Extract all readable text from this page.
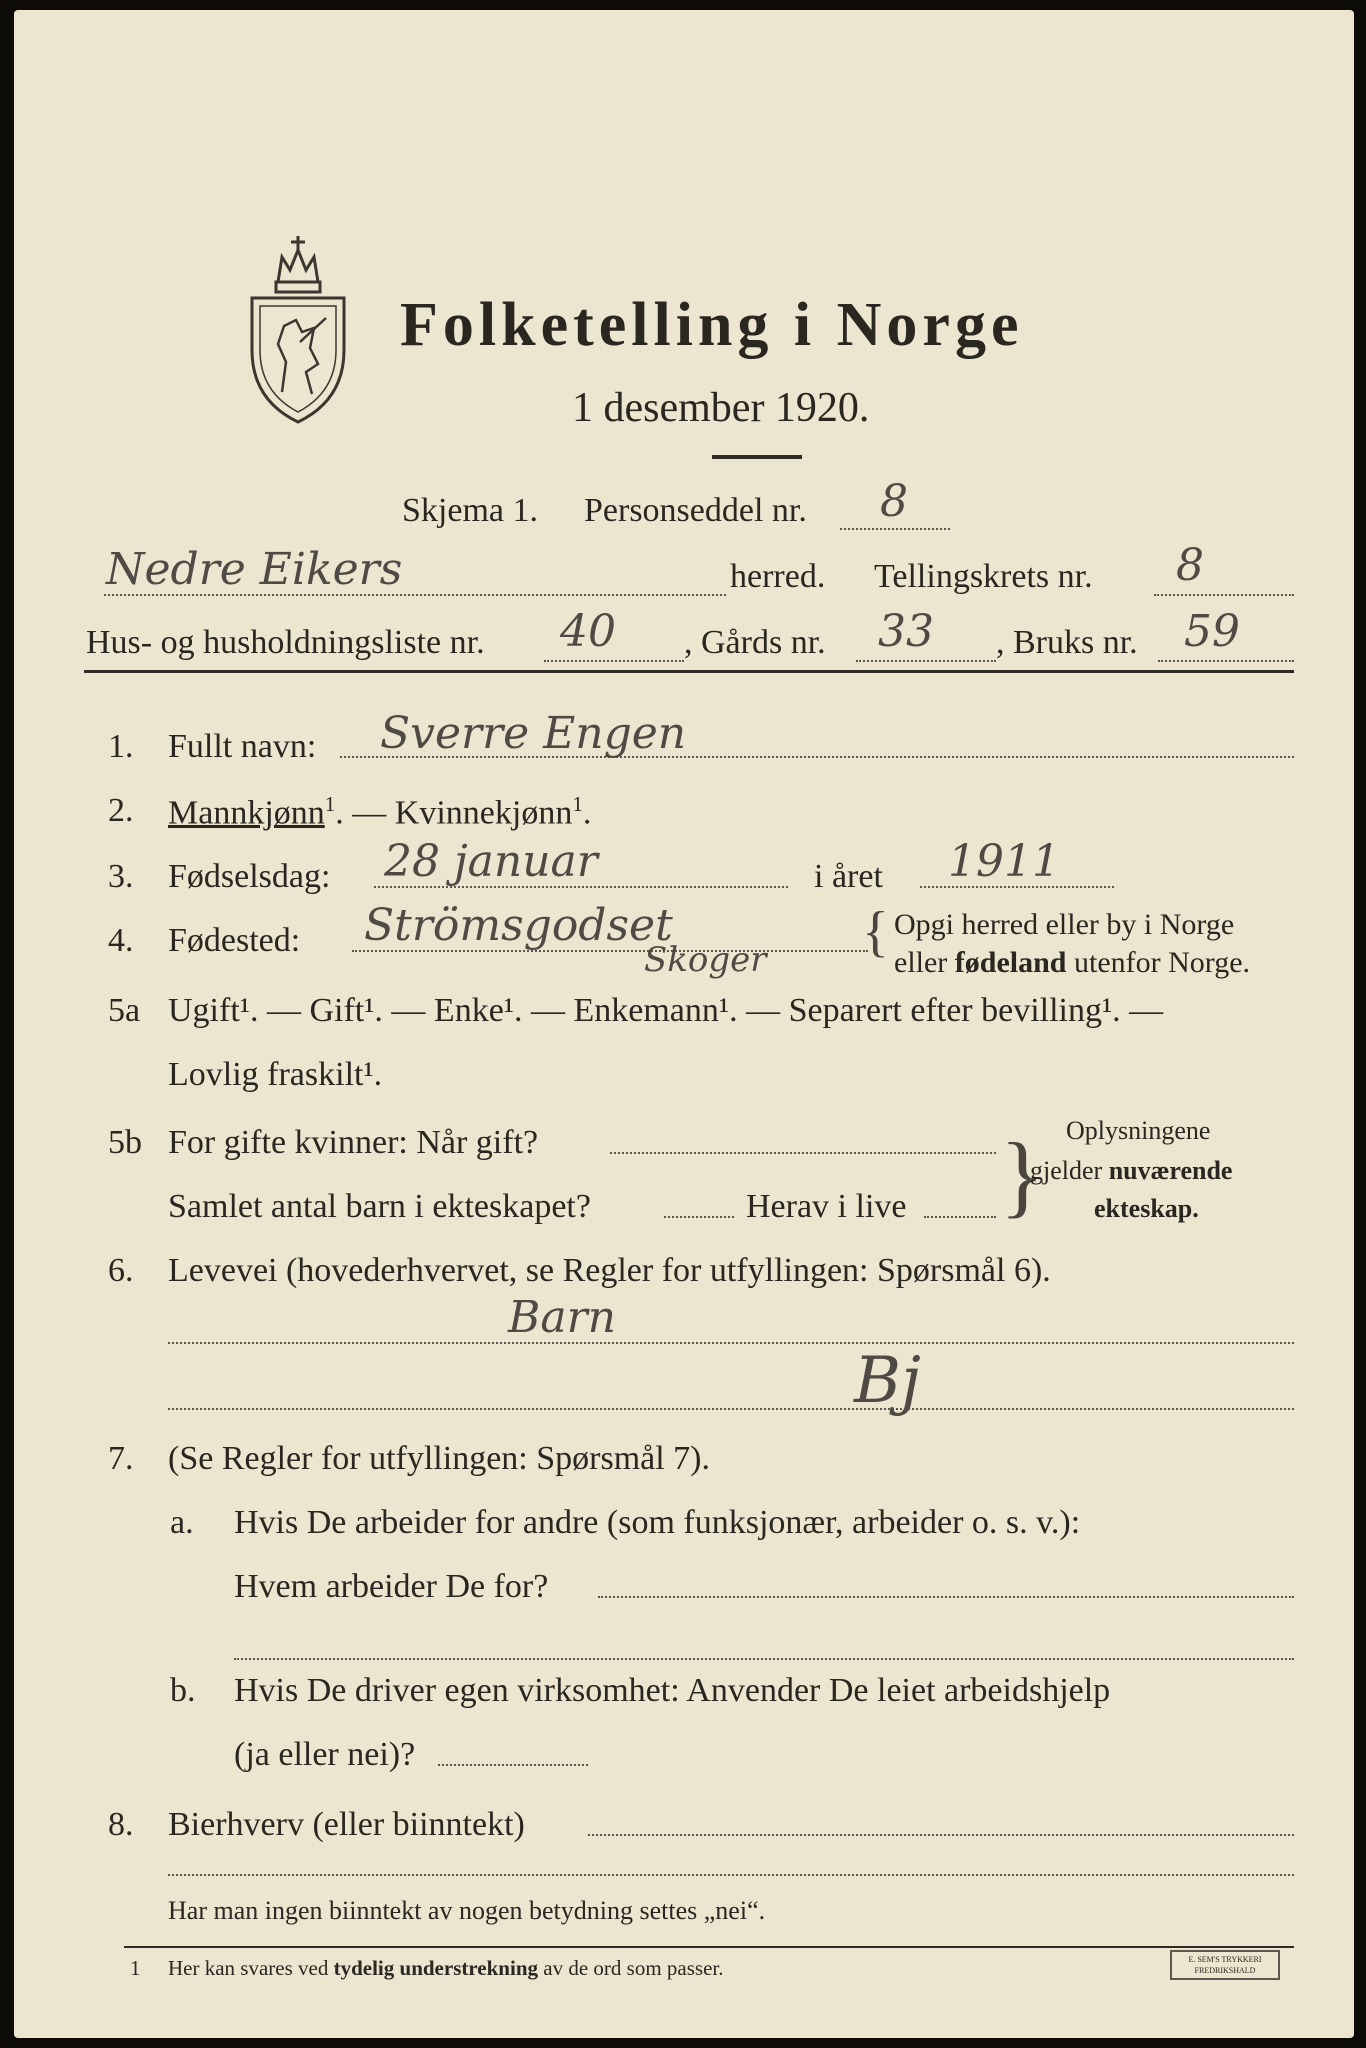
Folketelling i Norge
1 desember 1920.
Skjema 1. Personseddel nr. 8
Nedre Eikers	herred. Tellingskrets nr. 8
Hus- og husholdningsliste nr. 40 , Gårds nr. 33 , Bruks nr. 59
1. Fullt navn: Sverre Engen
2. Mannkjønn$^1$. — Kvinnekjønn$^1$.
3. Fødselsdag: 28 januar	i året 1911
4. Fødested: Strömsgodset
Skoger { Opgi herred eller by i Norge
eller fødeland utenfor Norge.
5a Ugift¹. — Gift¹. — Enke¹. — Enkemann¹. — Separert efter bevilling¹. —
Lovlig fraskilt¹.
5b For gifte kvinner: Når gift?
Samlet antal barn i ekteskapet?	Herav i live } Oplysningene
gjelder nuværende
ekteskap.
6. Levevei (hovederhvervet, se Regler for utfyllingen: Spørsmål 6).
Barn
Bj
7. (Se Regler for utfyllingen: Spørsmål 7).
a. Hvis De arbeider for andre (som funksjonær, arbeider o. s. v.):
Hvem arbeider De for?
b. Hvis De driver egen virksomhet: Anvender De leiet arbeidshjelp
(ja eller nei)?
8. Bierhverv (eller biinntekt)
Har man ingen biinntekt av nogen betydning settes „nei“.
1 Her kan svares ved tydelig understrekning av de ord som passer.	E. SEM'S TRYKKERI
FREDRIKSHALD
